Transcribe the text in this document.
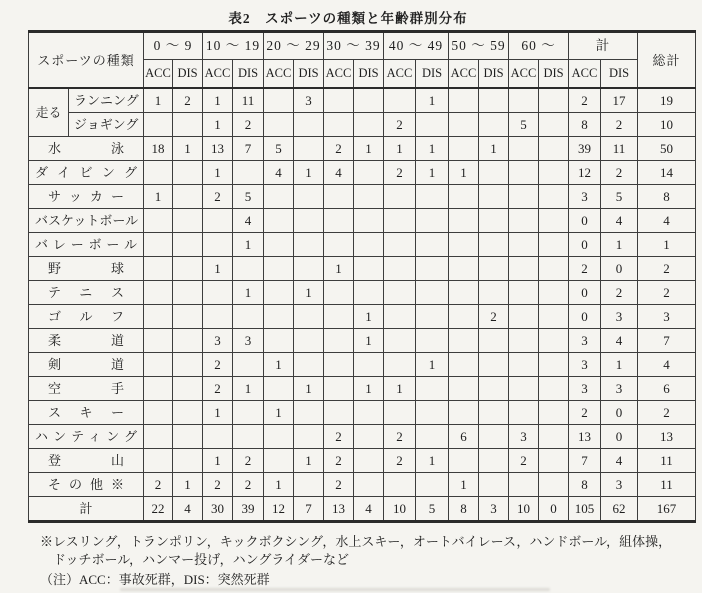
表2　スポーツの種類と年齢群別分布
スポーツの種類		0 ～ 9		10 ～ 19		20 ～ 29		30 ～ 39		40 ～ 49		50 ～ 59		60 ～		計		総計
		ACC	DIS	ACC	DIS	ACC	DIS	ACC	DIS	ACC	DIS	ACC	DIS	ACC	DIS	ACC	DIS	
走る	ランニング	1	2	1	11		3				1					2	17	19
	ジョギング			1	2					2				5		8	2	10
水泳		18	1	13	7	5		2	1	1	1		1			39	11	50
ダイビング				1		4	1	4		2	1	1				12	2	14
サッカー		1		2	5											3	5	8
バスケットボール					4											0	4	4
バレーボール					1											0	1	1
野球				1				1								2	0	2
テニス					1		1									0	2	2
ゴルフ									1				2			0	3	3
柔道				3	3				1							3	4	7
剣道				2		1					1					3	1	4
空手				2	1		1		1	1						3	3	6
スキー				1		1										2	0	2
ハンティング								2		2		6		3		13	0	13
登山				1	2		1	2		2	1			2		7	4	11
その他※		2	1	2	2	1		2				1				8	3	11
計		22	4	30	39	12	7	13	4	10	5	8	3	10	0	105	62	167
※レスリング，トランポリン，キックボクシング，水上スキー，オートバイレース，ハンドボール，組体操，
ドッチボール，ハンマー投げ，ハングライダーなど
（注）ACC：事故死群，DIS：突然死群
